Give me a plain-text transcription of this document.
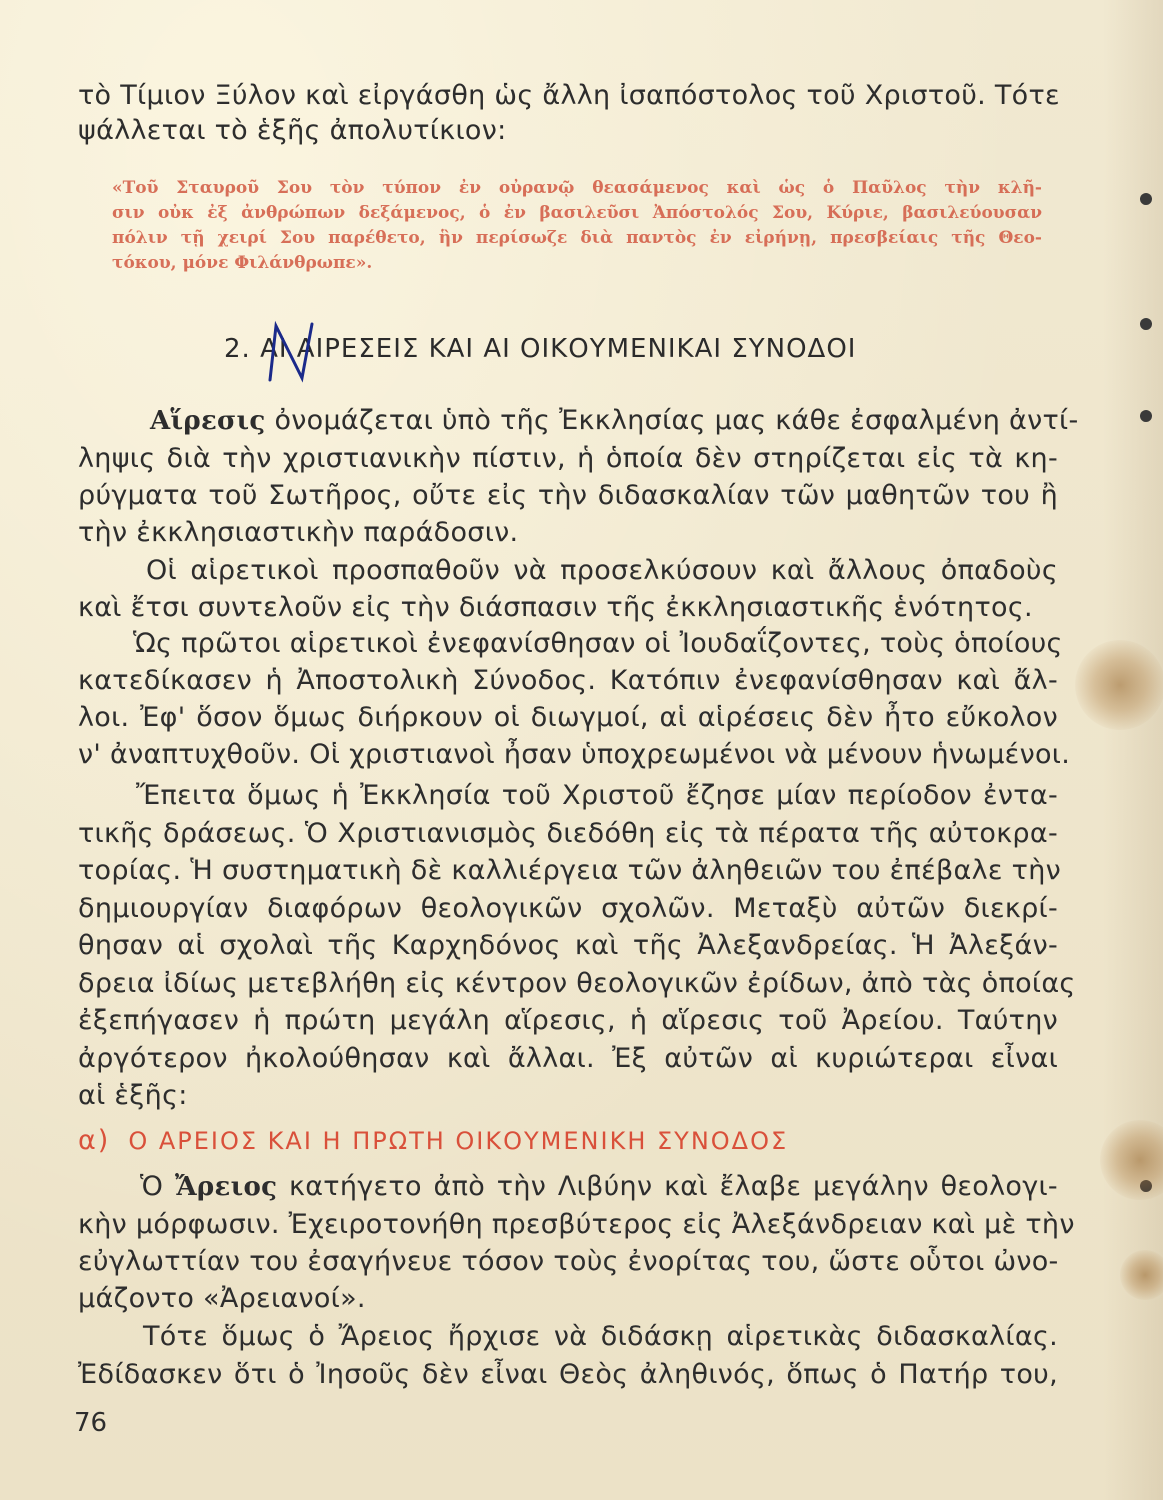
τὸ Τίμιον Ξύλον καὶ εἰργάσθη ὡς ἄλλη ἰσαπόστολος τοῦ Χριστοῦ. Τότε
ψάλλεται τὸ ἑξῆς ἀπολυτίκιον:
«Τοῦ Σταυροῦ Σου τὸν τύπον ἐν οὐρανῷ θεασάμενος καὶ ὡς ὁ Παῦλος τὴν κλῆ-
σιν οὐκ ἐξ ἀνθρώπων δεξάμενος, ὁ ἐν βασιλεῦσι Ἀπόστολός Σου, Κύριε, βασιλεύουσαν
πόλιν τῇ χειρί Σου παρέθετο, ἣν περίσωζε διὰ παντὸς ἐν εἰρήνῃ, πρεσβείαις τῆς Θεο-
τόκου, μόνε Φιλάνθρωπε».
2. ΑΙ ΑΙΡΕΣΕΙΣ ΚΑΙ ΑΙ ΟΙΚΟΥΜΕΝΙΚΑΙ ΣΥΝΟΔΟΙ
Αἵρεσις ὀνομάζεται ὑπὸ τῆς Ἐκκλησίας μας κάθε ἐσφαλμένη ἀντί-
ληψις διὰ τὴν χριστιανικὴν πίστιν, ἡ ὁποία δὲν στηρίζεται εἰς τὰ κη-
ρύγματα τοῦ Σωτῆρος, οὔτε εἰς τὴν διδασκαλίαν τῶν μαθητῶν του ἢ
τὴν ἐκκλησιαστικὴν παράδοσιν.
Οἱ αἱρετικοὶ προσπαθοῦν νὰ προσελκύσουν καὶ ἄλλους ὀπαδοὺς
καὶ ἔτσι συντελοῦν εἰς τὴν διάσπασιν τῆς ἐκκλησιαστικῆς ἑνότητος.
Ὡς πρῶτοι αἱρετικοὶ ἐνεφανίσθησαν οἱ Ἰουδαΐζοντες, τοὺς ὁποίους
κατεδίκασεν ἡ Ἀποστολικὴ Σύνοδος. Κατόπιν ἐνεφανίσθησαν καὶ ἄλ-
λοι. Ἐφ' ὅσον ὅμως διήρκουν οἱ διωγμοί, αἱ αἱρέσεις δὲν ἦτο εὔκολον
ν' ἀναπτυχθοῦν. Οἱ χριστιανοὶ ἦσαν ὑποχρεωμένοι νὰ μένουν ἡνωμένοι.
Ἔπειτα ὅμως ἡ Ἐκκλησία τοῦ Χριστοῦ ἔζησε μίαν περίοδον ἐντα-
τικῆς δράσεως. Ὁ Χριστιανισμὸς διεδόθη εἰς τὰ πέρατα τῆς αὐτοκρα-
τορίας. Ἡ συστηματικὴ δὲ καλλιέργεια τῶν ἀληθειῶν του ἐπέβαλε τὴν
δημιουργίαν διαφόρων θεολογικῶν σχολῶν. Μεταξὺ αὐτῶν διεκρί-
θησαν αἱ σχολαὶ τῆς Καρχηδόνος καὶ τῆς Ἀλεξανδρείας. Ἡ Ἀλεξάν-
δρεια ἰδίως μετεβλήθη εἰς κέντρον θεολογικῶν ἐρίδων, ἀπὸ τὰς ὁποίας
ἐξεπήγασεν ἡ πρώτη μεγάλη αἵρεσις, ἡ αἵρεσις τοῦ Ἀρείου. Ταύτην
ἀργότερον ἠκολούθησαν καὶ ἄλλαι. Ἐξ αὐτῶν αἱ κυριώτεραι εἶναι
αἱ ἑξῆς:
α) Ο ΑΡΕΙΟΣ ΚΑΙ Η ΠΡΩΤΗ ΟΙΚΟΥΜΕΝΙΚΗ ΣΥΝΟΔΟΣ
Ὁ Ἄρειος κατήγετο ἀπὸ τὴν Λιβύην καὶ ἔλαβε μεγάλην θεολογι-
κὴν μόρφωσιν. Ἐχειροτονήθη πρεσβύτερος εἰς Ἀλεξάνδρειαν καὶ μὲ τὴν
εὐγλωττίαν του ἐσαγήνευε τόσον τοὺς ἐνορίτας του, ὥστε οὗτοι ὠνο-
μάζοντο «Ἀρειανοί».
Τότε ὅμως ὁ Ἄρειος ἤρχισε νὰ διδάσκῃ αἱρετικὰς διδασκαλίας.
Ἐδίδασκεν ὅτι ὁ Ἰησοῦς δὲν εἶναι Θεὸς ἀληθινός, ὅπως ὁ Πατήρ του,
76
